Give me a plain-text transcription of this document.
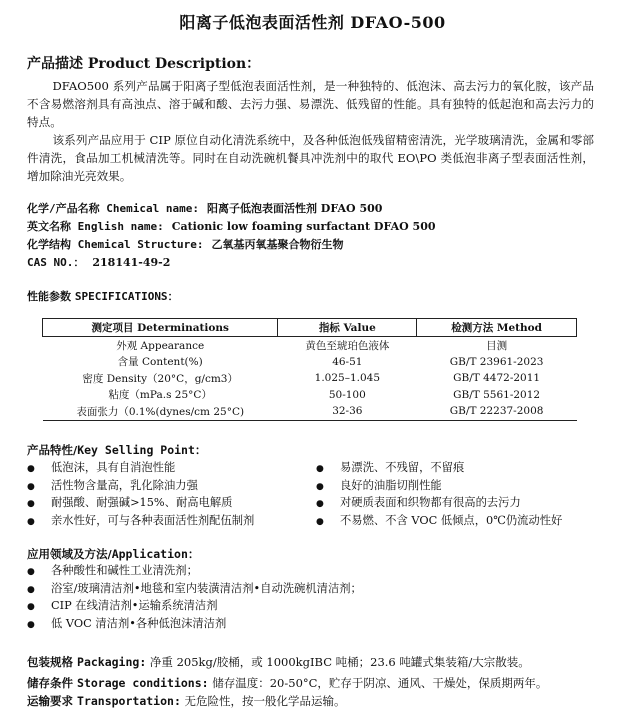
阳离子低泡表面活性剂 DFAO-500
产品描述 Product Description：
DFAO500 系列产品属于阳离子型低泡表面活性剂，是一种独特的、低泡沫、高去污力的氧化胺，该产品不含易燃溶剂具有高浊点、溶于碱和酸、去污力强、易漂洗、低残留的性能。具有独特的低起泡和高去污力的特点。
该系列产品应用于 CIP 原位自动化清洗系统中，及各种低泡低残留精密清洗，光学玻璃清洗，金属和零部件清洗，食品加工机械清洗等。同时在自动洗碗机餐具冲洗剂中的取代 EO\PO 类低泡非离子型表面活性剂，增加除油光亮效果。
化学/产品名称 Chemical name: 阳离子低泡表面活性剂 DFAO 500
英文名称 English name: Cationic low foaming surfactant DFAO 500
化学结构 Chemical Structure: 乙氧基丙氧基聚合物衍生物
CAS NO.： 218141-49-2
性能参数 SPECIFICATIONS：
测定项目 Determinations	指标 Value	检测方法 Method
外观 Appearance	黄色至琥珀色液体	目测
含量 Content(%)	46-51	GB/T 23961-2023
密度 Density（20°C，g/cm3）	1.025–1.045	GB/T 4472-2011
粘度（mPa.s 25°C）	50-100	GB/T 5561-2012
表面张力（0.1%(dynes/cm 25°C)	32-36	GB/T 22237-2008
产品特性/Key Selling Point：
● 低泡沫，具有自消泡性能
● 活性物含量高，乳化除油力强
● 耐强酸、耐强碱>15%、耐高电解质
● 亲水性好，可与各种表面活性剂配伍制剂
● 易漂洗、不残留，不留痕
● 良好的油脂切削性能
● 对硬质表面和织物都有很高的去污力
● 不易燃、不含 VOC 低倾点，0℃仍流动性好
应用领域及方法/Application：
● 各种酸性和碱性工业清洗剂；
● 浴室/玻璃清洁剂•地毯和室内装潢清洁剂•自动洗碗机清洁剂；
● CIP 在线清洁剂•运输系统清洁剂
● 低 VOC 清洁剂•各种低泡沫清洁剂
包装规格 Packaging: 净重 205kg/胶桶，或 1000kgIBC 吨桶；23.6 吨罐式集装箱/大宗散装。
储存条件 Storage conditions: 储存温度：20-50°C，贮存于阴凉、通风、干燥处，保质期两年。
运输要求 Transportation: 无危险性，按一般化学品运输。
